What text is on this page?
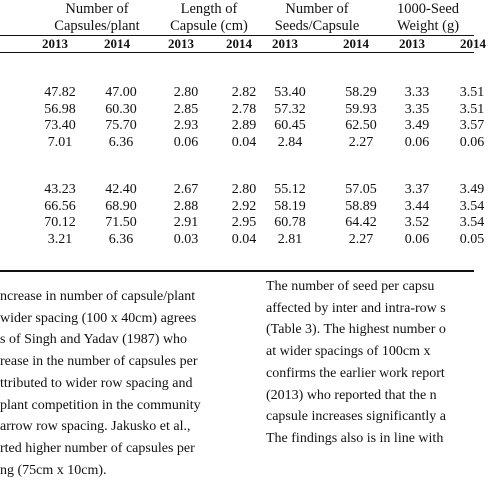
Number of
Capsules/plant
Length of
Capsule (cm)
Number of
Seeds/Capsule
1000-Seed
Weight (g)
2013	2014	2013 2014 2013	2014 2013	2014
47.82	47.00	2.80	2.82	53.40	58.29	3.33	3.51
56.98	60.30	2.85	2.78	57.32	59.93	3.35	3.51
73.40	75.70	2.93	2.89	60.45	62.50	3.49	3.57
7.01	6.36	0.06	0.04	2.84	2.27	0.06	0.06
43.23	42.40	2.67	2.80	55.12	57.05	3.37	3.49
66.56	68.90	2.88	2.92	58.19	58.89	3.44	3.54
70.12	71.50	2.91	2.95	60.78	64.42	3.52	3.54
3.21	6.36	0.03	0.04	2.81	2.27	0.06	0.05
ncrease in number of capsule/plant
wider spacing (100 x 40cm) agrees
s of Singh and Yadav (1987) who
rease in the number of capsules per
ttributed to wider row spacing and
plant competition in the community
arrow row spacing. Jakusko et al.,
rted higher number of capsules per
ng (75cm x 10cm).
The number of seed per capsu
affected by inter and intra-row s
(Table 3). The highest number o
at wider spacings of 100cm x
confirms the earlier work report
(2013) who reported that the n
capsule increases significantly a
The findings also is in line with
